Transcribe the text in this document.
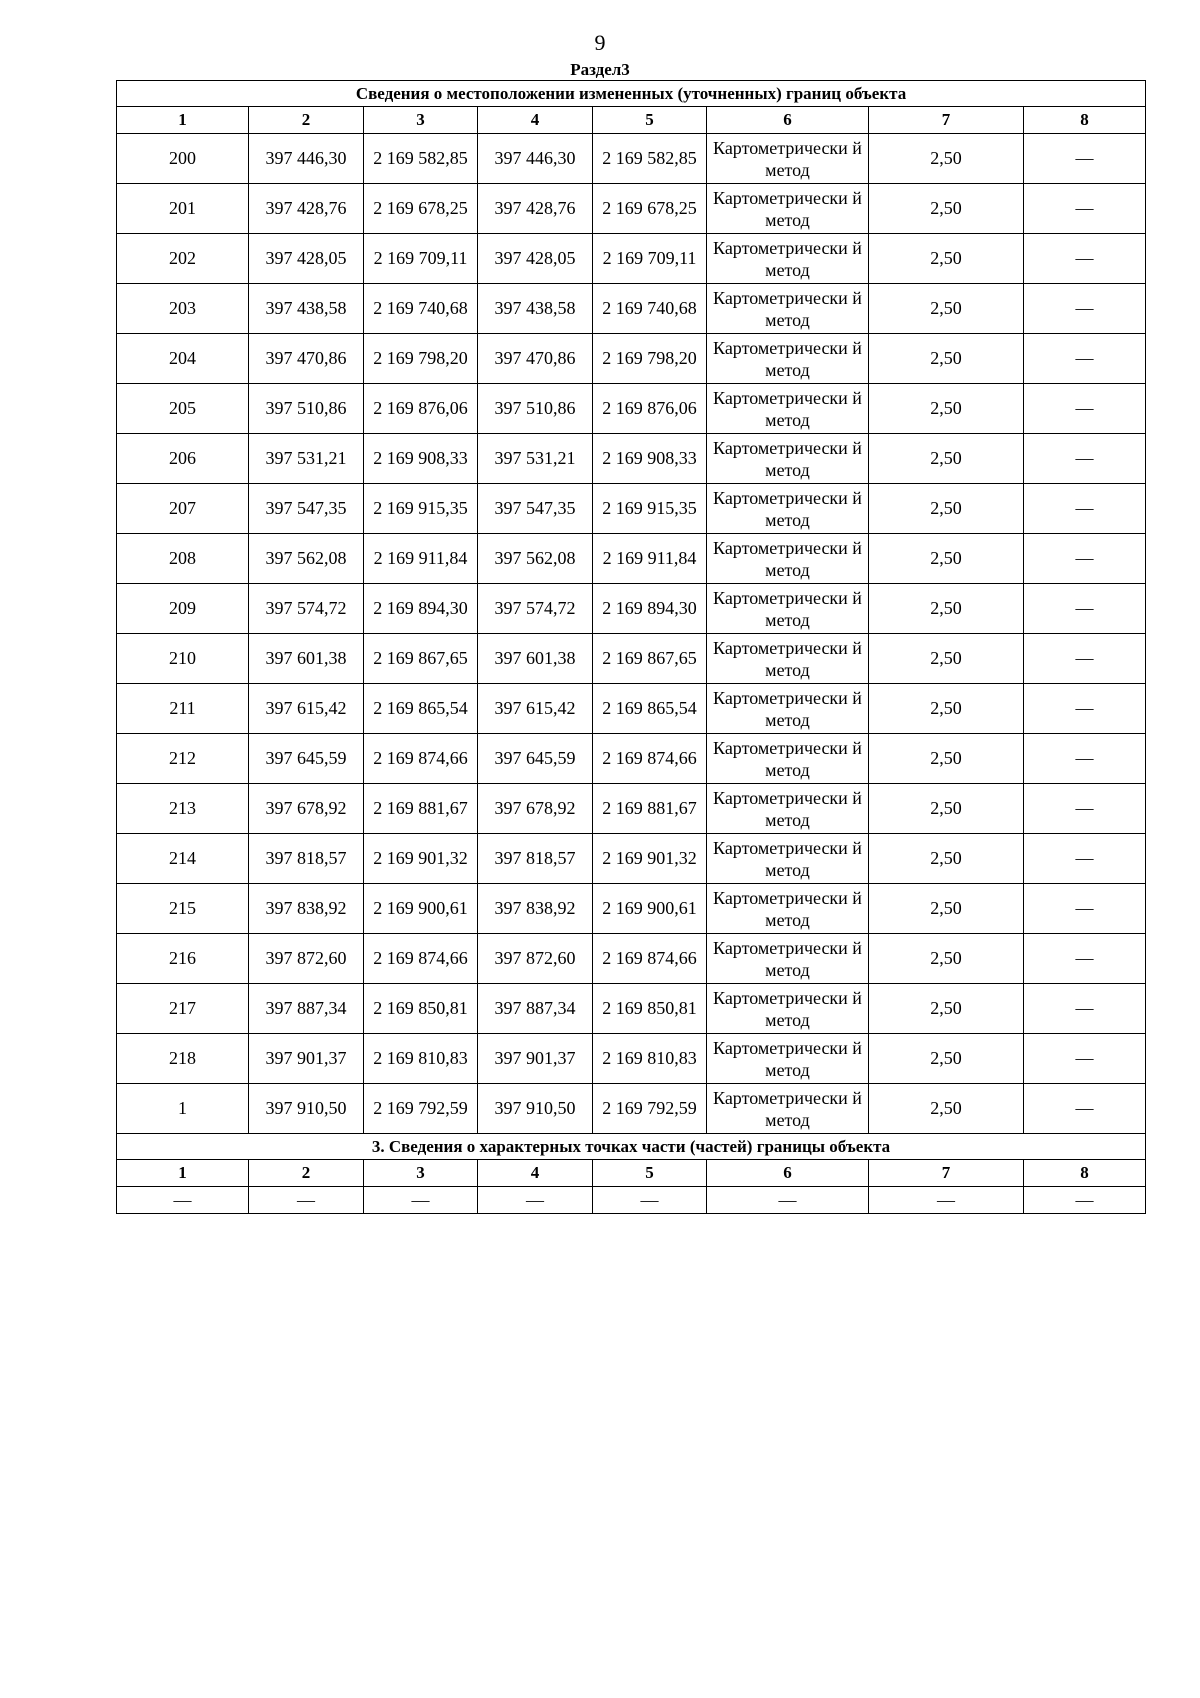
9
Раздел3
Сведения о местоположении измененных (уточненных) границ объекта							
1	2	3	4	5	6	7	8
200	397 446,30	2 169 582,85	397 446,30	2 169 582,85	Картометрически й метод	2,50	—
201	397 428,76	2 169 678,25	397 428,76	2 169 678,25	Картометрически й метод	2,50	—
202	397 428,05	2 169 709,11	397 428,05	2 169 709,11	Картометрически й метод	2,50	—
203	397 438,58	2 169 740,68	397 438,58	2 169 740,68	Картометрически й метод	2,50	—
204	397 470,86	2 169 798,20	397 470,86	2 169 798,20	Картометрически й метод	2,50	—
205	397 510,86	2 169 876,06	397 510,86	2 169 876,06	Картометрически й метод	2,50	—
206	397 531,21	2 169 908,33	397 531,21	2 169 908,33	Картометрически й метод	2,50	—
207	397 547,35	2 169 915,35	397 547,35	2 169 915,35	Картометрически й метод	2,50	—
208	397 562,08	2 169 911,84	397 562,08	2 169 911,84	Картометрически й метод	2,50	—
209	397 574,72	2 169 894,30	397 574,72	2 169 894,30	Картометрически й метод	2,50	—
210	397 601,38	2 169 867,65	397 601,38	2 169 867,65	Картометрически й метод	2,50	—
211	397 615,42	2 169 865,54	397 615,42	2 169 865,54	Картометрически й метод	2,50	—
212	397 645,59	2 169 874,66	397 645,59	2 169 874,66	Картометрически й метод	2,50	—
213	397 678,92	2 169 881,67	397 678,92	2 169 881,67	Картометрически й метод	2,50	—
214	397 818,57	2 169 901,32	397 818,57	2 169 901,32	Картометрически й метод	2,50	—
215	397 838,92	2 169 900,61	397 838,92	2 169 900,61	Картометрически й метод	2,50	—
216	397 872,60	2 169 874,66	397 872,60	2 169 874,66	Картометрически й метод	2,50	—
217	397 887,34	2 169 850,81	397 887,34	2 169 850,81	Картометрически й метод	2,50	—
218	397 901,37	2 169 810,83	397 901,37	2 169 810,83	Картометрически й метод	2,50	—
1	397 910,50	2 169 792,59	397 910,50	2 169 792,59	Картометрически й метод	2,50	—
3. Сведения о характерных точках части (частей) границы объекта							
1	2	3	4	5	6	7	8
—	—	—	—	—	—	—	—
